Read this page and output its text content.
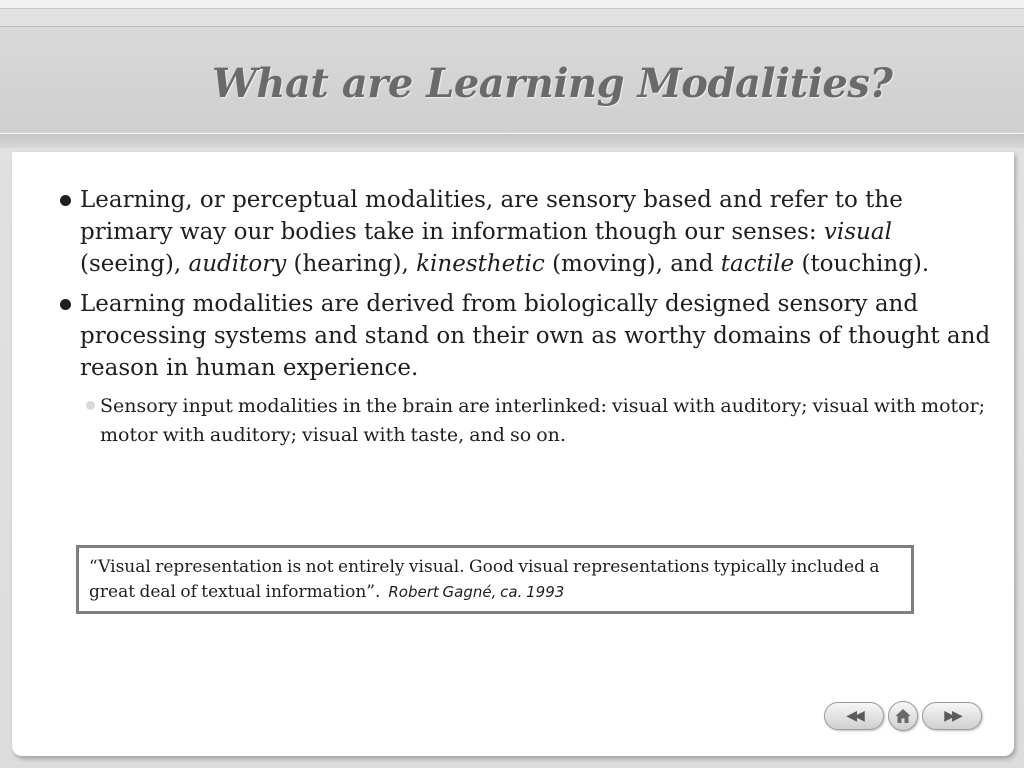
What are Learning Modalities?
Learning, or perceptual modalities, are sensory based and refer to the primary way our bodies take in information though our senses: visual (seeing), auditory (hearing), kinesthetic (moving), and tactile (touching).
Learning modalities are derived from biologically designed sensory and processing systems and stand on their own as worthy domains of thought and reason in human experience.
Sensory input modalities in the brain are interlinked: visual with auditory; visual with motor; motor with auditory; visual with taste, and so on.
“Visual representation is not entirely visual. Good visual representations typically included a great deal of textual information”. Robert Gagné, ca. 1993
◀◀	▶▶
